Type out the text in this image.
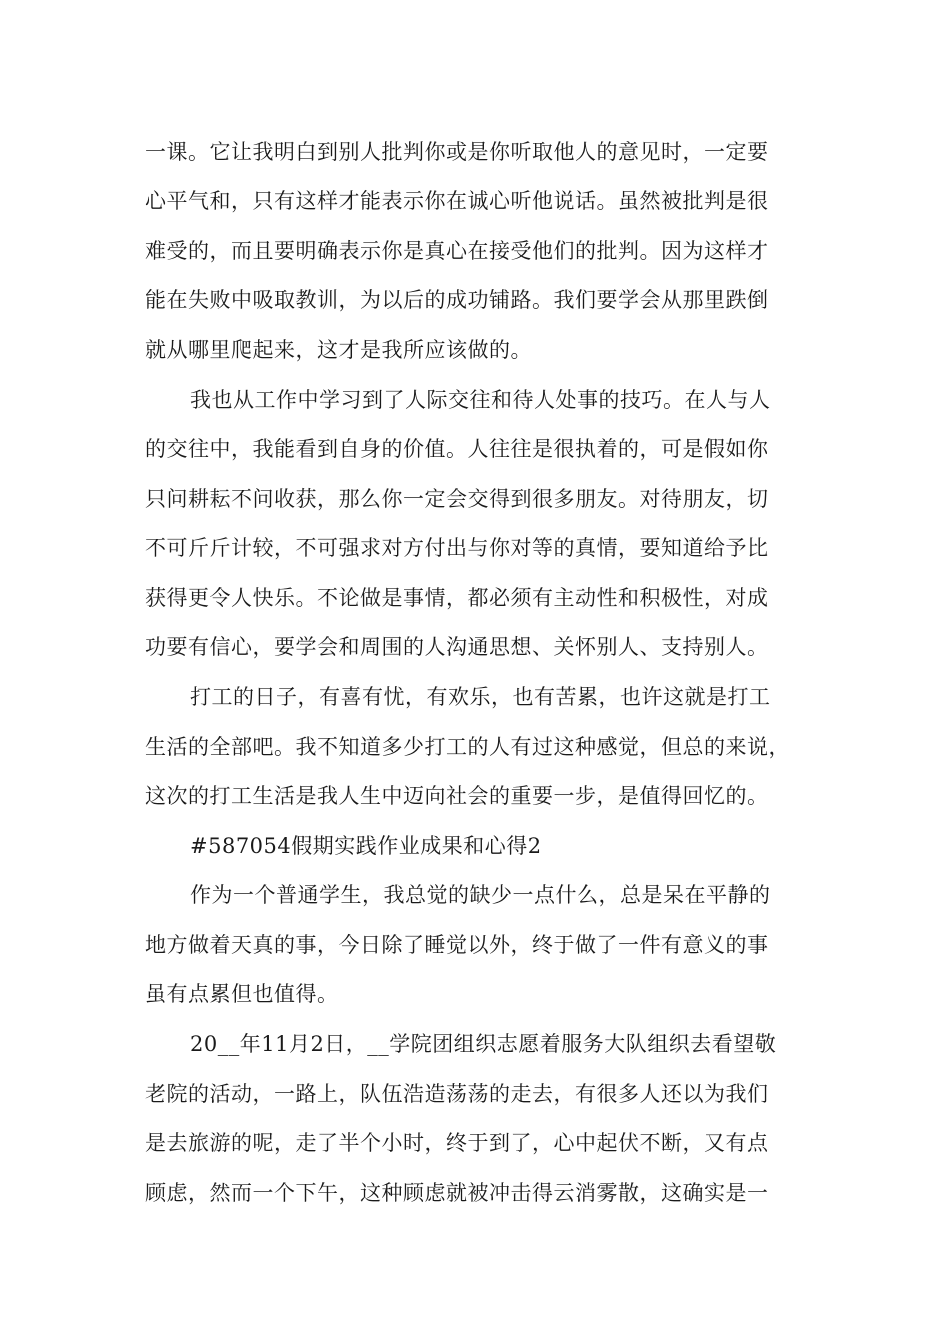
一课。它让我明白到别人批判你或是你听取他人的意见时，一定要
心平气和，只有这样才能表示你在诚心听他说话。虽然被批判是很
难受的，而且要明确表示你是真心在接受他们的批判。因为这样才
能在失败中吸取教训，为以后的成功铺路。我们要学会从那里跌倒
就从哪里爬起来，这才是我所应该做的。
我也从工作中学习到了人际交往和待人处事的技巧。在人与人
的交往中，我能看到自身的价值。人往往是很执着的，可是假如你
只问耕耘不问收获，那么你一定会交得到很多朋友。对待朋友，切
不可斤斤计较，不可强求对方付出与你对等的真情，要知道给予比
获得更令人快乐。不论做是事情，都必须有主动性和积极性，对成
功要有信心，要学会和周围的人沟通思想、关怀别人、支持别人。
打工的日子，有喜有忧，有欢乐，也有苦累，也许这就是打工
生活的全部吧。我不知道多少打工的人有过这种感觉，但总的来说，
这次的打工生活是我人生中迈向社会的重要一步，是值得回忆的。
#587054假期实践作业成果和心得2
作为一个普通学生，我总觉的缺少一点什么，总是呆在平静的
地方做着天真的事，今日除了睡觉以外，终于做了一件有意义的事
虽有点累但也值得。
20__年11月2日，__学院团组织志愿着服务大队组织去看望敬
老院的活动，一路上，队伍浩造荡荡的走去，有很多人还以为我们
是去旅游的呢，走了半个小时，终于到了，心中起伏不断，又有点
顾虑，然而一个下午，这种顾虑就被冲击得云消雾散，这确实是一
